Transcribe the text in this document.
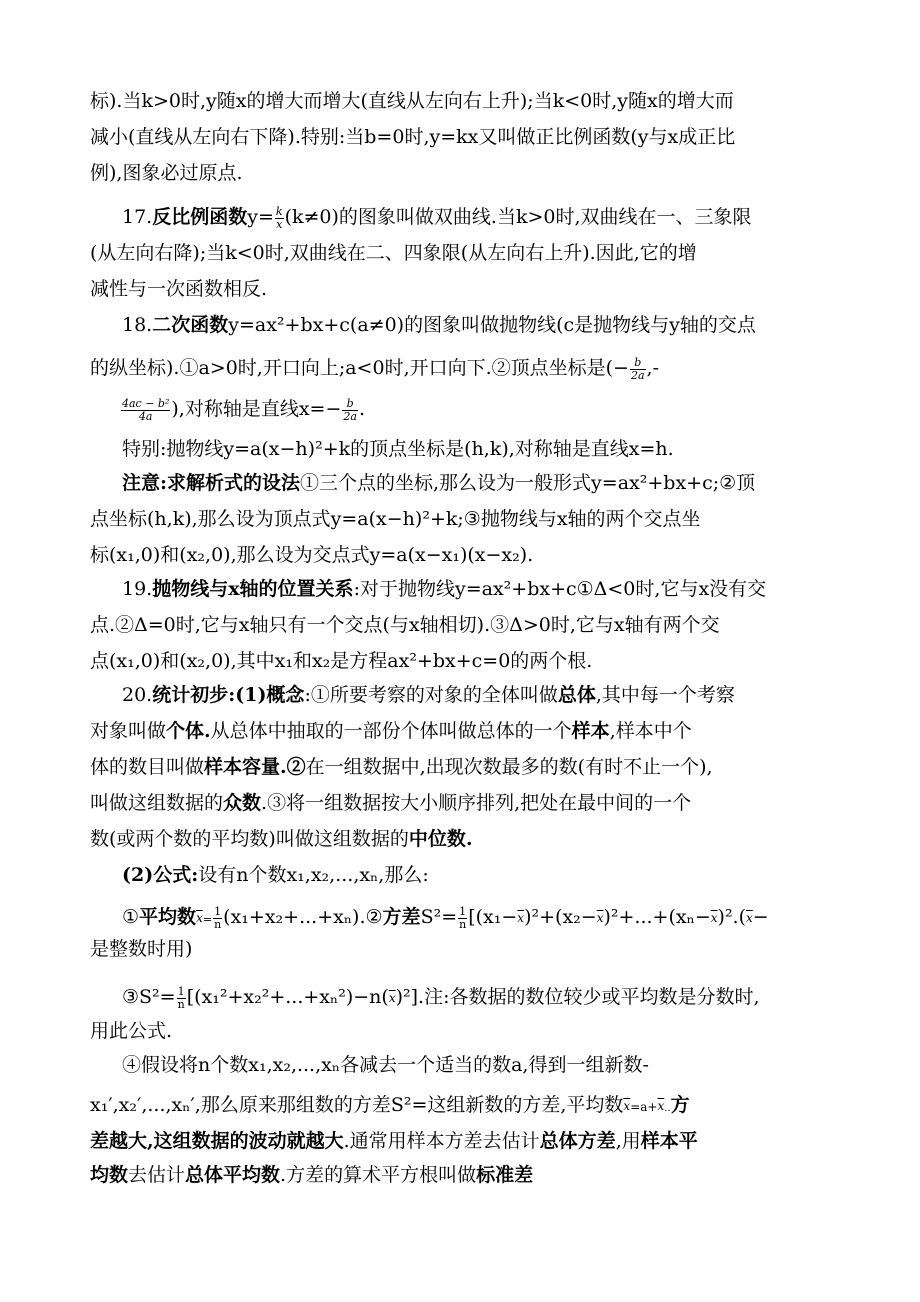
标).当k>0时,y随x的增大而增大(直线从左向右上升);当k<0时,y随x的增大而
减小(直线从左向右下降).特别:当b=0时,y=kx又叫做正比例函数(y与x成正比
例),图象必过原点.
17.反比例函数$y= \frac{k}{x} (k\ne 0)$的图象叫做双曲线.当k>0时,双曲线在一、三象限
(从左向右降);当k<0时,双曲线在二、四象限(从左向右上升).因此,它的增
减性与一次函数相反.
18.二次函数y=ax²+bx+c(a≠0)的图象叫做抛物线(c是抛物线与y轴的交点
的纵坐标).①a>0时,开口向上;a<0时,开口向下.②顶点坐标是(− $\frac{b}{2a}$ ,-
$\frac{\text{4ac − b²}}{4a}$ ),对称轴是直线$x=- \frac{b}{2a}$ .
特别:抛物线y=a(x−h)²+k的顶点坐标是(h,k),对称轴是直线x=h.
注意:求解析式的设法①三个点的坐标,那么设为一般形式y=ax²+bx+c;②顶
点坐标(h,k),那么设为顶点式y=a(x−h)²+k;③抛物线与x轴的两个交点坐
标(x₁,0)和(x₂,0),那么设为交点式y=a(x−x₁)(x−x₂).
19.抛物线与x轴的位置关系:对于抛物线y=ax²+bx+c①Δ<0时,它与x没有交
点.②Δ=0时,它与x轴只有一个交点(与x轴相切).③Δ>0时,它与x轴有两个交
点(x₁,0)和(x₂,0),其中x₁和x₂是方程ax²+bx+c=0的两个根.
20.统计初步:(1)概念:①所要考察的对象的全体叫做总体,其中每一个考察
对象叫做个体.从总体中抽取的一部份个体叫做总体的一个样本,样本中个
体的数目叫做样本容量.②在一组数据中,出现次数最多的数(有时不止一个),
叫做这组数据的众数.③将一组数据按大小顺序排列,把处在最中间的一个
数(或两个数的平均数)叫做这组数据的中位数.
(2)公式:设有n个数x₁,x₂,...,xₙ,那么:
①平均数$\overline{x}= \frac{1}{n}$ (x₁+x₂+...+xₙ).②方差$S^2= \frac{1}{n} [(x_1-\overline{x})^2+(x_2-\overline{x})^2+...+(x_n-\overline{x})^2.(\overline{x}-$
是整数时用)
③S²= $\frac{1}{n} [(x_1^2+x_2^2+...+x_n^2)-n(\overline{x})^2]$.注:各数据的数位较少或平均数是分数时,
用此公式.
④假设将n个数x₁,x₂,...,xₙ各减去一个适当的数a,得到一组新数-
x₁′,x₂′,...,xₙ′,那么原来那组数的方差S²=这组新数的方差,平均数$\overline{x}=a+\overline{x}$..方
差越大,这组数据的波动就越大.通常用样本方差去估计总体方差,用样本平
均数去估计总体平均数.方差的算术平方根叫做标准差
